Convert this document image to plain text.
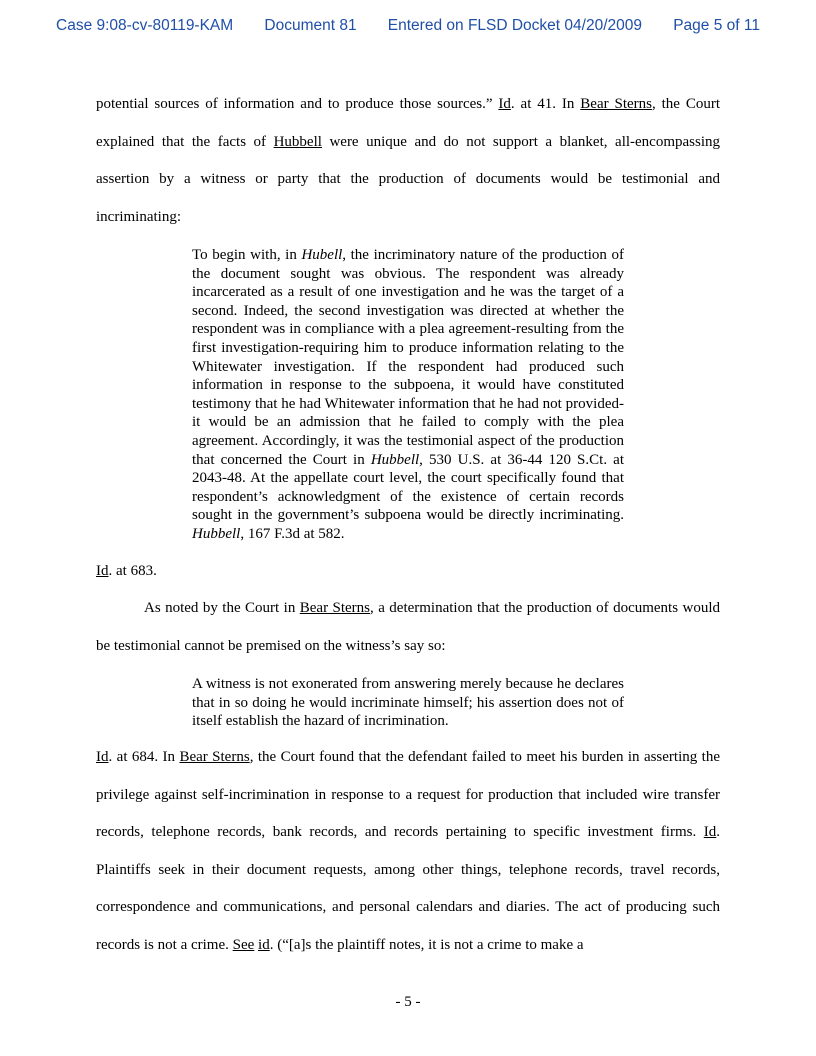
Case 9:08-cv-80119-KAM Document 81 Entered on FLSD Docket 04/20/2009 Page 5 of 11
potential sources of information and to produce those sources.” Id. at 41. In Bear Sterns, the Court explained that the facts of Hubbell were unique and do not support a blanket, all-encompassing assertion by a witness or party that the production of documents would be testimonial and incriminating:
To begin with, in Hubell, the incriminatory nature of the production of the document sought was obvious. The respondent was already incarcerated as a result of one investigation and he was the target of a second. Indeed, the second investigation was directed at whether the respondent was in compliance with a plea agreement-resulting from the first investigation-requiring him to produce information relating to the Whitewater investigation. If the respondent had produced such information in response to the subpoena, it would have constituted testimony that he had Whitewater information that he had not provided-it would be an admission that he failed to comply with the plea agreement. Accordingly, it was the testimonial aspect of the production that concerned the Court in Hubbell, 530 U.S. at 36-44 120 S.Ct. at 2043-48. At the appellate court level, the court specifically found that respondent’s acknowledgment of the existence of certain records sought in the government’s subpoena would be directly incriminating. Hubbell, 167 F.3d at 582.
Id. at 683.
As noted by the Court in Bear Sterns, a determination that the production of documents would be testimonial cannot be premised on the witness’s say so:
A witness is not exonerated from answering merely because he declares that in so doing he would incriminate himself; his assertion does not of itself establish the hazard of incrimination.
Id. at 684. In Bear Sterns, the Court found that the defendant failed to meet his burden in asserting the privilege against self-incrimination in response to a request for production that included wire transfer records, telephone records, bank records, and records pertaining to specific investment firms. Id. Plaintiffs seek in their document requests, among other things, telephone records, travel records, correspondence and communications, and personal calendars and diaries. The act of producing such records is not a crime. See id. (“[a]s the plaintiff notes, it is not a crime to make a
- 5 -
